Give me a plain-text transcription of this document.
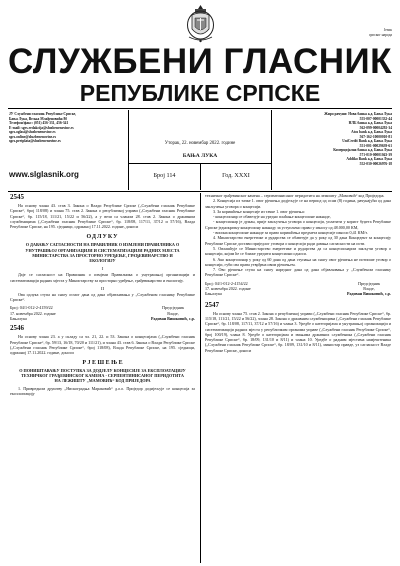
Језик
српског народа
СЛУЖБЕНИ ГЛАСНИК
РЕПУБЛИКЕ СРПСКЕ
ЈУ Службени гласник Републике Српске,
Бања Лука, Вељка Млађеновића 8б
Телефон/факс: (051) 456-331, 456-341
E-mail: sgrs.redakcija@sluzbenenovine.rs
sgrs.oglasi@sluzbenenovine.rs
sgrs.online@sluzbenenovine.rs
sgrs.pretplata@sluzbenenovine.rs
www.slglasnik.org
Уторак, 22. новембар 2022. године
БАЊА ЛУКА
Број 114	Год. XXXI
Жиро рачуни: Нова банка а.д. Бања Лука
555-007-00001332-44
НЛБ банка а.д. Бања Лука
562-099-00004292-34
Atos bank а.д. Бања Лука
567-162-10000010-81
UniCredit Bank а.д. Бања Лука
551-001-00029639-61
Комерцијална банка а.д. Бања Лука
571-010-00001043-39
Addiko Bank а.д. Бања Лука
552-030-00026976-18
2545
На основу члана 43. став 3. Закона о Влади Републике Српске („Службени гласник Републике Српске“, број 118/08) и члана 75. став 2. Закона о републичкој управи („Службени гласник Републике Српске“, бр. 115/18, 111/21, 15/22 и 56/22), а у вези са чланом 28. став 2. Закона о државним службеницима („Службени гласник Републике Српске“, бр. 118/08, 117/11, 37/12 и 57/16), Влада Републике Српске, на 195. сједници, одржаној 17.11.2022. године, доноси
ОДЛУКУ
О ДАВАЊУ САГЛАСНОСТИ НА ПРАВИЛНИК О ИЗМЈЕНИ ПРАВИЛНИКА О УНУТРАШЊОЈ ОРГАНИЗАЦИЈИ И СИСТЕМАТИЗАЦИЈИ РАДНИХ МЈЕСТА МИНИСТАРСТВА ЗА ПРОСТОРНО УРЕЂЕЊЕ, ГРАЂЕВИНАРСТВО И ЕКОЛОГИЈУ
I
Даје се сагласност на Правилник о измјени Правилника о унутрашњој организацији и систематизацији радних мјеста у Министарству за просторно уређење, грађевинарство и екологију.
II
Ова одлука ступа на снагу осмог дана од дана објављивања у „Службеном гласнику Републике Српске“.
Број: 04/1-012-2-4159/22
17. новембра 2022. године
Бањалука
Предсједник
Владе,
Радован Вишковић, с.р.
2546
На основу члана 23. а у складу са чл. 21, 22. и 53. Закона о концесијама („Службени гласник Републике Српске“, бр. 59/13, 16/18, 70/20 и 111/21), и члана 43. став 6. Закона о Влади Републике Српске („Службени гласник Републике Српске“, број 118/08), Влада Републике Српске, на 195. сједници, одржаној 17.11.2022. године, доноси
Р Ј Е Ш Е Њ Е
О ПОНИШТАВАЊУ ПОСТУПКА ЗА ДОДЈЕЛУ КОНЦЕСИЈЕ ЗА ЕКСПЛОАТАЦИЈУ ТЕХНИЧКОГ ГРАЂЕВИНСКОГ КАМЕНА - СЕРПЕНТИНИСАНОГ ПЕРИДОТИТА НА ЛЕЖИШТУ „МАМОВИЋ“ КОД ПРИЈЕДОРА
1. Привредном друштву „Нискоградња Мараковић“ д.о.о. Приједор додијељује се концесија за експлоатацију
техничког грађевинског камена – серпентинисаног перидотита на лежишту „Мамовић“ код Приједора.
2. Концесија из тачке 1. овог рјешења додјељује се на период од осам (8) година, рачунајући од дана закључења уговора о концесији.
3. За коришћење концесије из тачке 1. овог рјешења:
- концесионар се обавезује на уредно плаћање концесионе накнаде,
- концесионар је дужан, прије закључења уговора о концесији, уплатити у корист буџета Републике Српске једнократну концесиону накнаду за уступљено право у износу од 48.000,00 КМ,
- висина концесионе накнаде за право коришћења предмета концесије износи 0,41 КМ/т.
4. Министарство енергетике и рударства се обавезује да у року од 30 дана Концедент за концесију Републике Српске достави приједлог уговора о концесији ради давања сагласности на исти.
5. Овлашћује се Министарство енергетике и рударства да са концесионаром закључи уговор о концесији, којим ће се ближе уредити концесиони односи.
6. Ако концесионар у року од 60 дана од дана ступања на снагу овог рјешења не потпише уговор о концесији, губи сва права утврђена овим рјешењем.
7. Ово рјешење ступа на снагу наредног дана од дана објављивања у „Службеном гласнику Републике Српске“.
Број: 04/1-012-2-4154/22
17. новембра 2022. године
Бањалука
Предсједник
Владе,
Радован Вишковић, с.р.
2547
На основу члана 75. став 2. Закона о републичкој управи („Службени гласник Републике Српске“, бр. 115/18, 111/21, 15/22 и 56/22), члана 28. Закона о државним службеницима („Службени гласник Републике Српске“, бр. 118/08, 117/11, 37/12 и 57/16) и члана 3. Уредбе о категоријама и унутрашњој организацији и систематизацији радних мјеста у републичким органима управе („Службени гласник Републике Српске“, број 100/19), члана 8. Уредбе о категоријама и звањима државних службеника („Службени гласник Републике Српске“, бр. 18/09, 131/10 и 8/11) и члана 10. Уредбе о радним мјестима намјештеника („Службени гласник Републике Српске“, бр. 18/09, 131/10 и 8/11), министар правде, уз сагласност Владе Републике Српске, доноси
